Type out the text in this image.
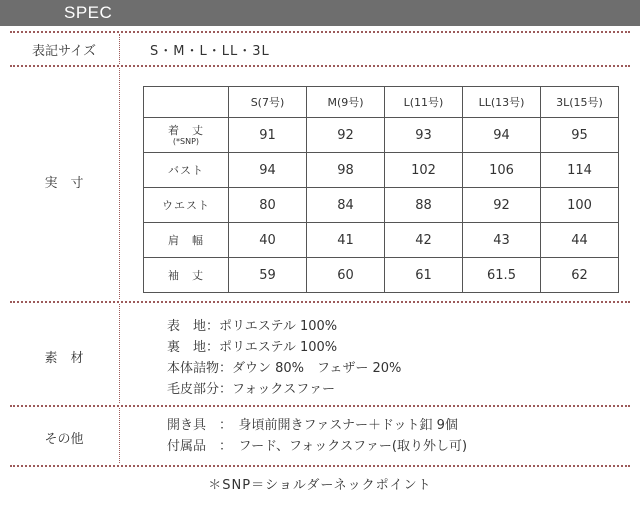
SPEC
表記サイズ	S・M・L・LL・3L
実　寸
	S(7号)	M(9号)	L(11号)	LL(13号)	3L(15号)

着　丈
(*SNP)	91	92	93	94	95
バスト	94	98	102	106	114
ウエスト	80	84	88	92	100
肩　幅	40	41	42	43	44
袖　丈	59	60	61	61.5	62
素　材
表　地：ポリエステル 100%
裏　地：ポリエステル 100%
本体詰物：ダウン 80%　フェザー 20%
毛皮部分：フォックスファー
その他
開き具　：　身頃前開きファスナー＋ドット釦 9個
付属品　：　フード、フォックスファー(取り外し可)
＊SNP＝ショルダーネックポイント
